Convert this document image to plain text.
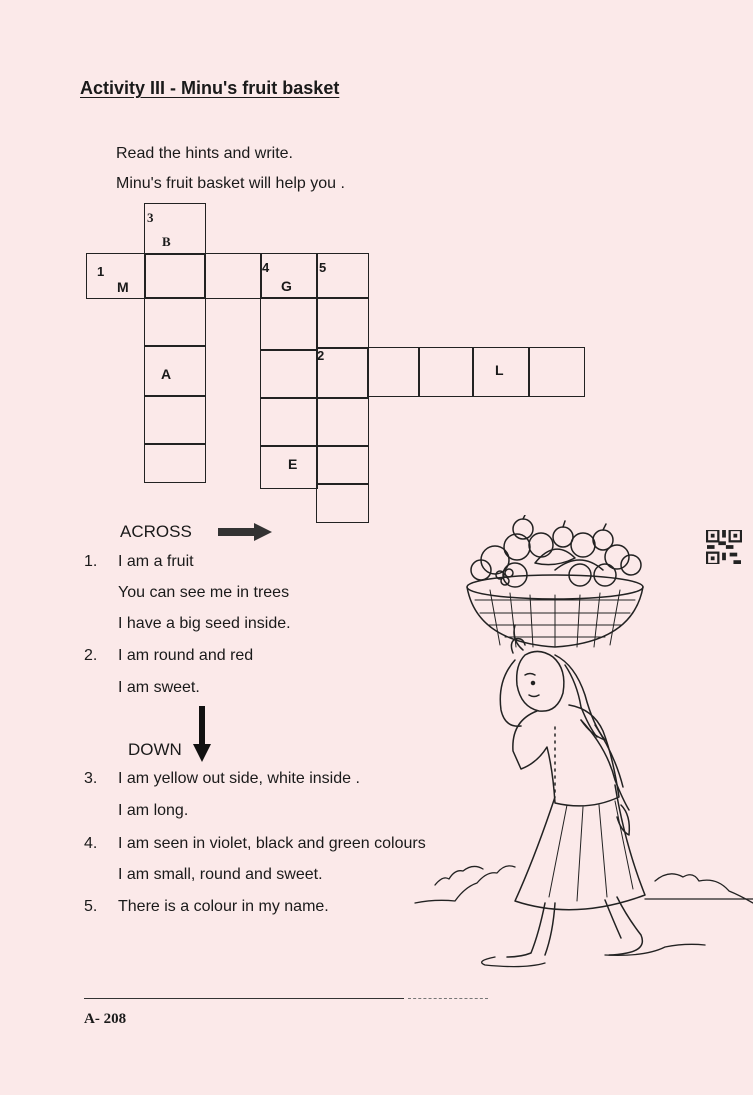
Activity III - Minu's fruit basket
Read the hints and write.
Minu's fruit basket will help you .
3
B
1
M
4
G
5
A
E
2
L
ACROSS
1. I am a fruit
You can see me in trees
I have a big seed inside.
2. I am round and red
I am sweet.
DOWN
3. I am yellow out side, white inside .
I am long.
4. I am seen in violet, black and green colours
I am small, round and sweet.
5. There is a colour in my name.
A- 208
